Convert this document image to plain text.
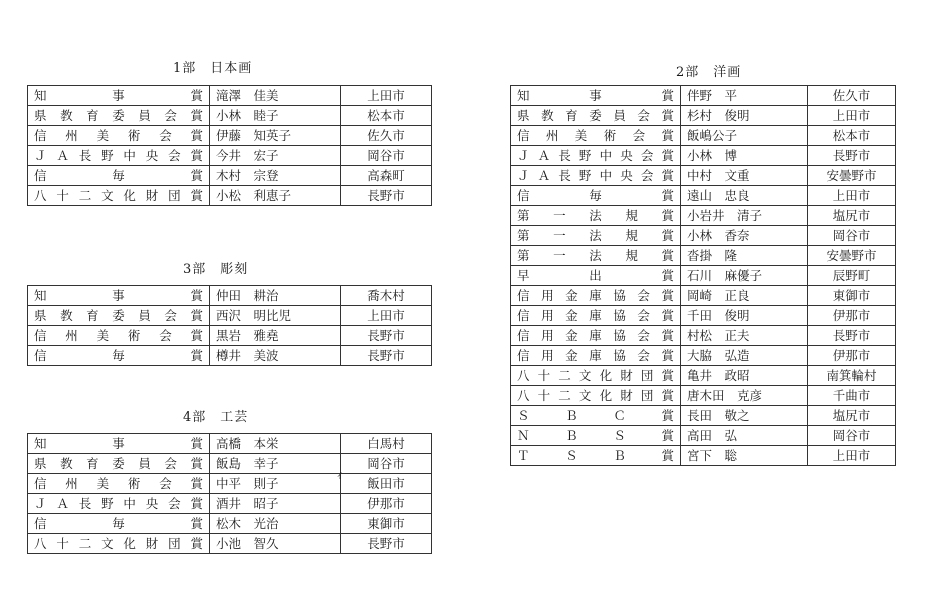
1部　日本画
知　　事　　賞	滝澤　佳美	上田市
県教育委員会賞	小林　睦子	松本市
信州美術会賞	伊藤　知英子	佐久市
ＪＡ長野中央会賞	今井　宏子	岡谷市
信　　毎　　賞	木村　宗登	高森町
八十二文化財団賞	小松　利恵子	長野市
2部　洋画
知　　事　　賞	伴野　平	佐久市
県教育委員会賞	杉村　俊明	上田市
信州美術会賞	飯嶋公子	松本市
ＪＡ長野中央会賞	小林　博	長野市
ＪＡ長野中央会賞	中村　文重	安曇野市
信　　毎　　賞	遠山　忠良	上田市
第　一　法　規　賞	小岩井　清子	塩尻市
第　一　法　規　賞	小林　香奈	岡谷市
第　一　法　規　賞	沓掛　隆	安曇野市
早　　出　　賞	石川　麻優子	辰野町
信用金庫協会賞	岡崎　正良	東御市
信用金庫協会賞	千田　俊明	伊那市
信用金庫協会賞	村松　正夫	長野市
信用金庫協会賞	大脇　弘造	伊那市
八十二文化財団賞	亀井　政昭	南箕輪村
八十二文化財団賞	唐木田　克彦	千曲市
Ｓ　Ｂ　Ｃ　賞	長田　敬之	塩尻市
Ｎ　Ｂ　Ｓ　賞	高田　弘	岡谷市
Ｔ　Ｓ　Ｂ　賞	宮下　聡	上田市
3部　彫刻
知　　事　　賞	仲田　耕治	喬木村
県教育委員会賞	西沢　明比児	上田市
信州美術会賞	黒岩　雅堯	長野市
信　　毎　　賞	樽井　美波	長野市
4部　工芸
知　　事　　賞	高橋　本栄	白馬村
県教育委員会賞	飯島　幸子	岡谷市
信州美術会賞	中平　則子	飯田市
ＪＡ長野中央会賞	酒井　昭子	伊那市
信　　毎　　賞	松木　光治	東御市
八十二文化財団賞	小池　智久	長野市
ｨ
